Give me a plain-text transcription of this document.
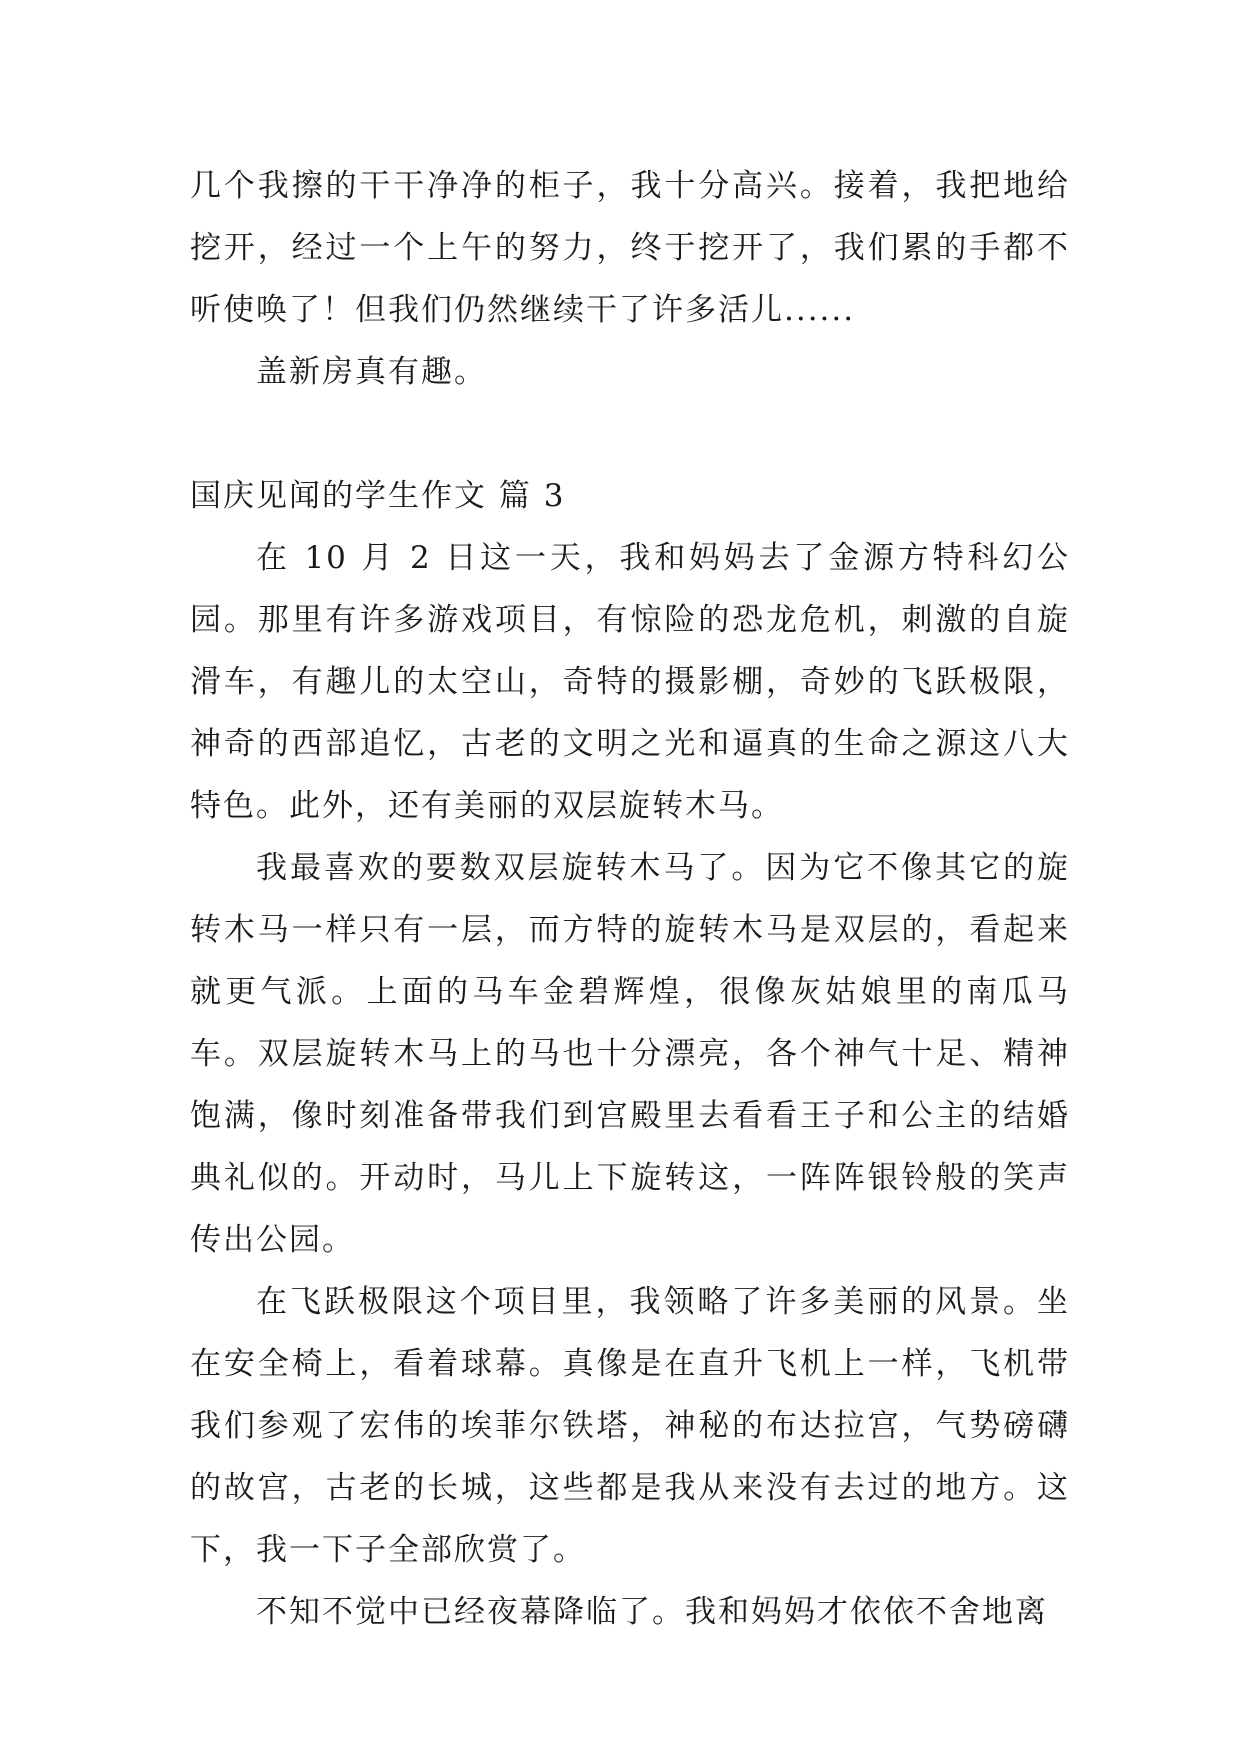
几个我擦的干干净净的柜子，我十分高兴。接着，我把地给挖开，经过一个上午的努力，终于挖开了，我们累的手都不听使唤了！但我们仍然继续干了许多活儿......

盖新房真有趣。

国庆见闻的学生作文 篇 3

在 10 月 2 日这一天，我和妈妈去了金源方特科幻公园。那里有许多游戏项目，有惊险的恐龙危机，刺激的自旋滑车，有趣儿的太空山，奇特的摄影棚，奇妙的飞跃极限，神奇的西部追忆，古老的文明之光和逼真的生命之源这八大特色。此外，还有美丽的双层旋转木马。

我最喜欢的要数双层旋转木马了。因为它不像其它的旋转木马一样只有一层，而方特的旋转木马是双层的，看起来就更气派。上面的马车金碧辉煌，很像灰姑娘里的南瓜马车。双层旋转木马上的马也十分漂亮，各个神气十足、精神饱满，像时刻准备带我们到宫殿里去看看王子和公主的结婚典礼似的。开动时，马儿上下旋转这，一阵阵银铃般的笑声传出公园。

在飞跃极限这个项目里，我领略了许多美丽的风景。坐在安全椅上，看着球幕。真像是在直升飞机上一样，飞机带我们参观了宏伟的埃菲尔铁塔，神秘的布达拉宫，气势磅礴的故宫，古老的长城，这些都是我从来没有去过的地方。这下，我一下子全部欣赏了。

不知不觉中已经夜幕降临了。我和妈妈才依依不舍地离
